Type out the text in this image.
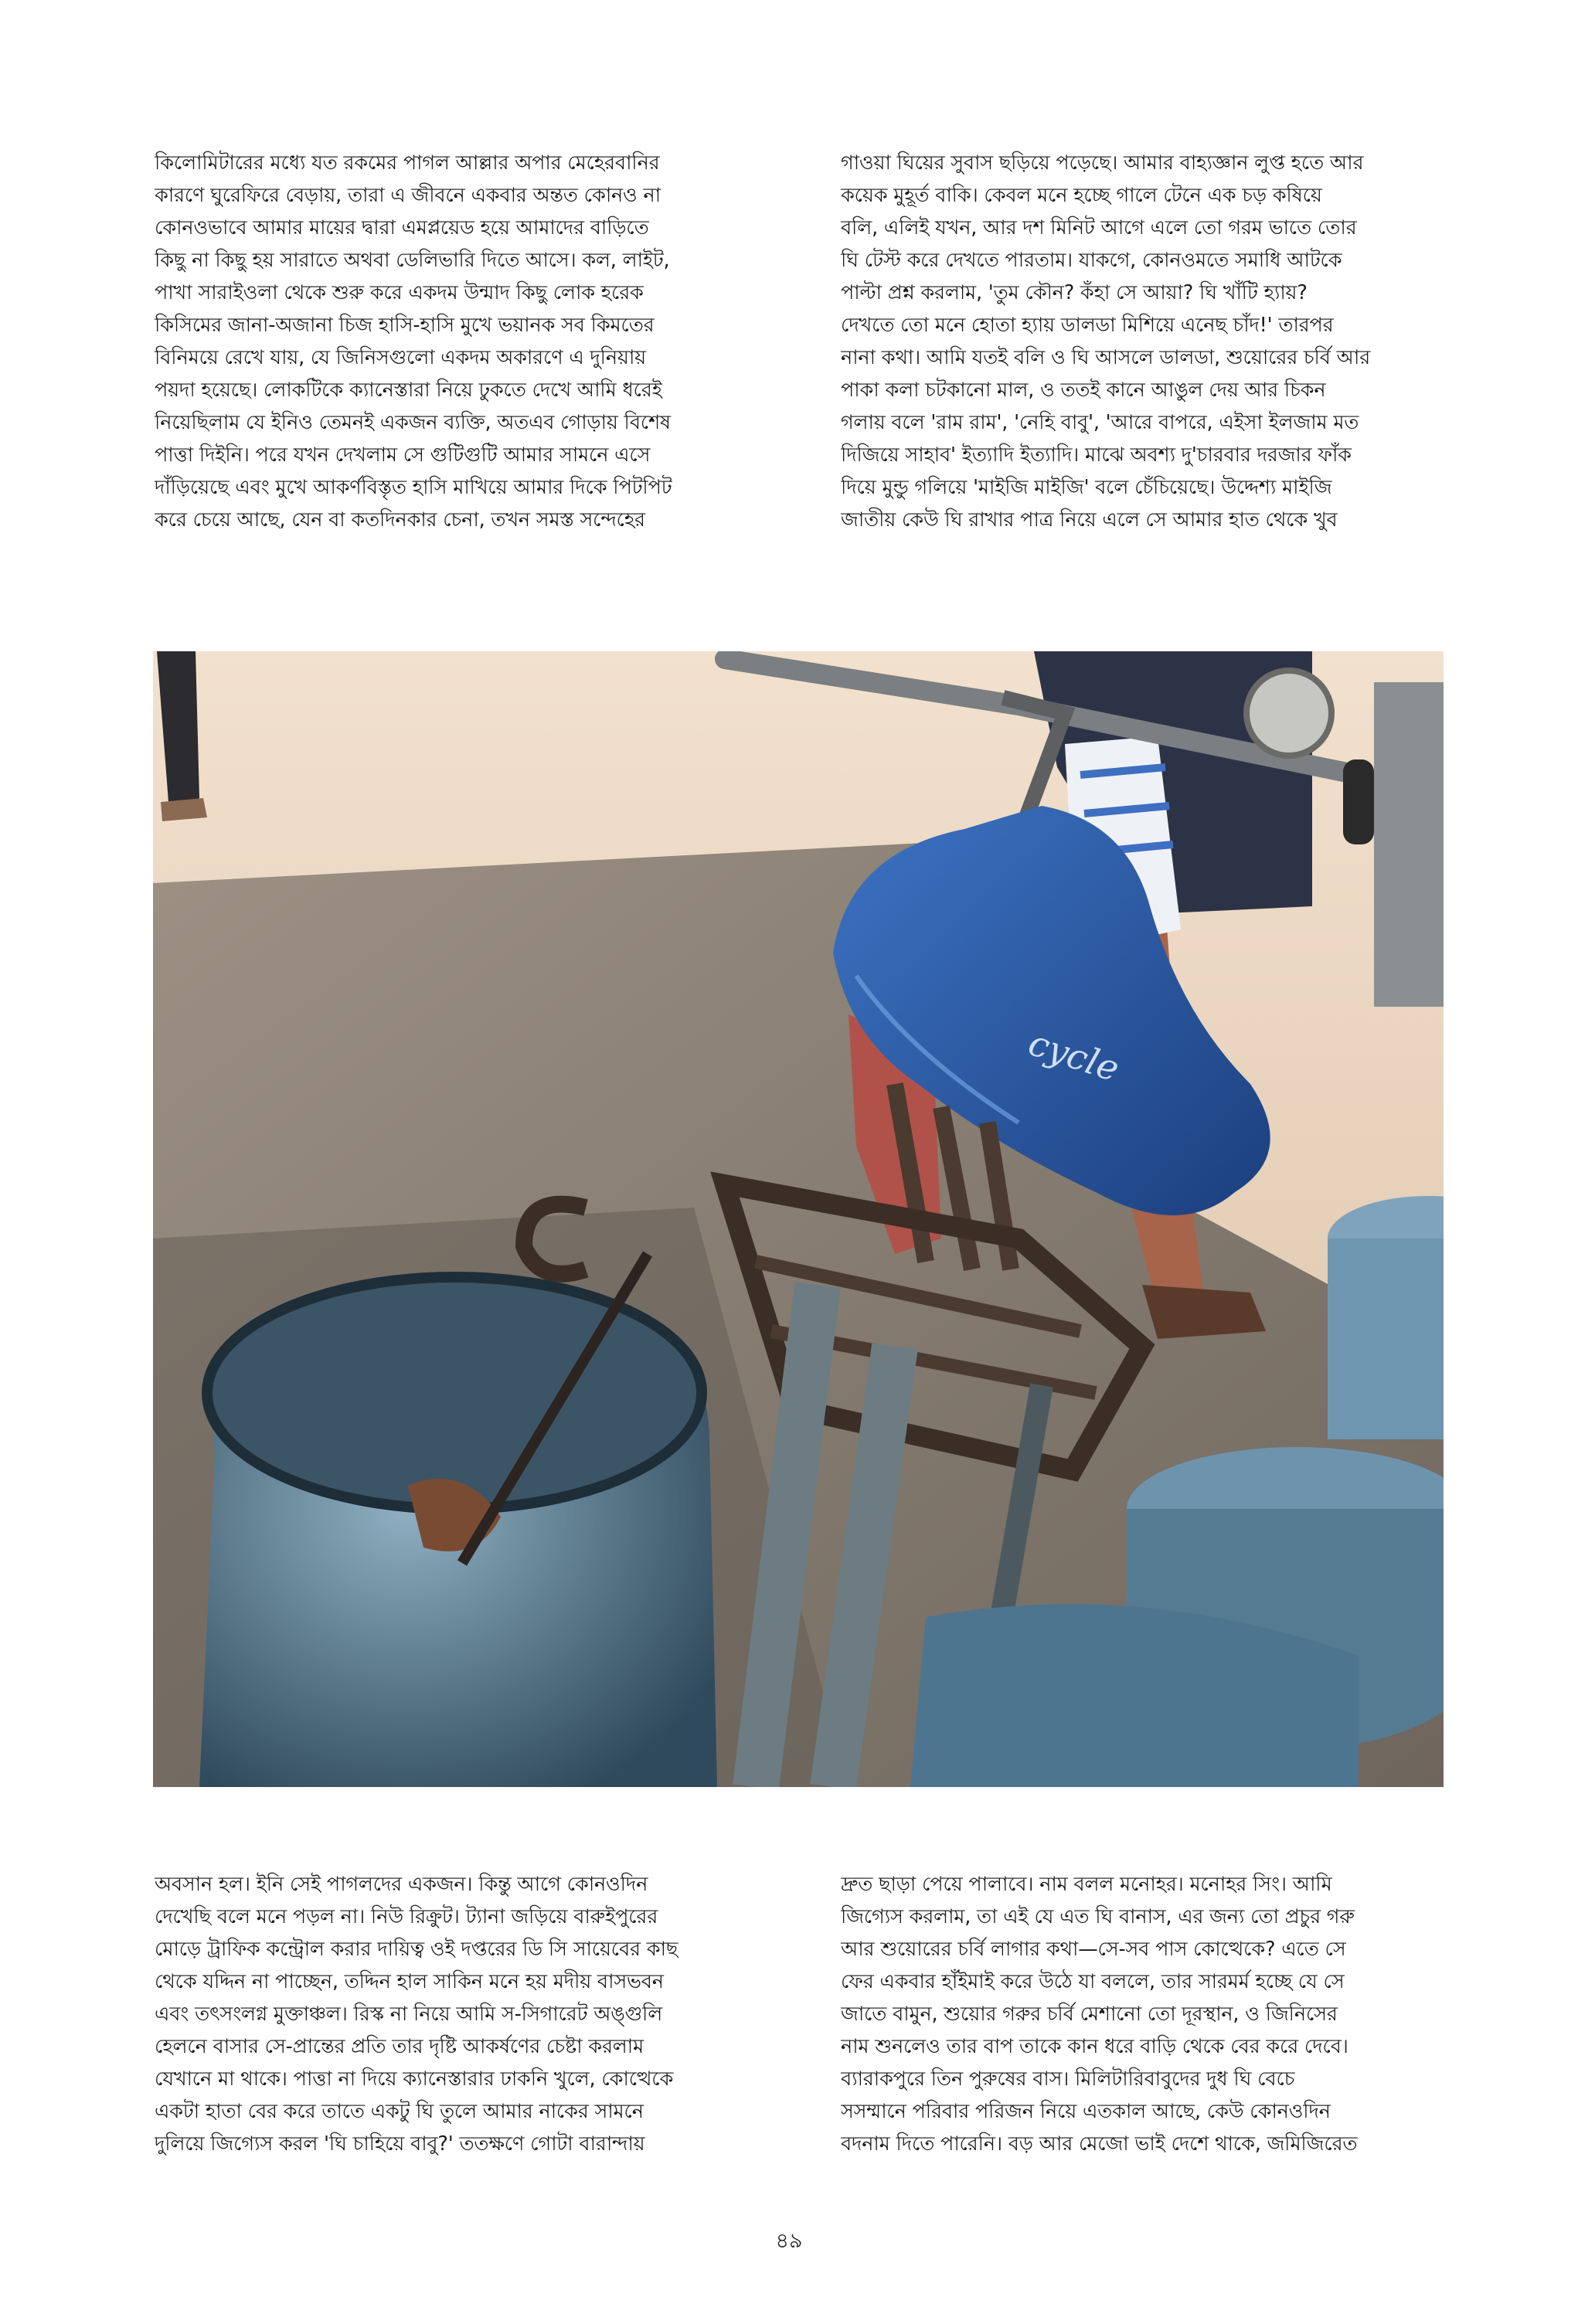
কিলোমিটারের মধ্যে যত রকমের পাগল আল্লার অপার মেহেরবানির
কারণে ঘুরেফিরে বেড়ায়, তারা এ জীবনে একবার অন্তত কোনও না
কোনওভাবে আমার মায়ের দ্বারা এমপ্লয়েড হয়ে আমাদের বাড়িতে
কিছু না কিছু হয় সারাতে অথবা ডেলিভারি দিতে আসে। কল, লাইট,
পাখা সারাইওলা থেকে শুরু করে একদম উন্মাদ কিছু লোক হরেক
কিসিমের জানা-অজানা চিজ হাসি-হাসি মুখে ভয়ানক সব কিমতের
বিনিময়ে রেখে যায়, যে জিনিসগুলো একদম অকারণে এ দুনিয়ায়
পয়দা হয়েছে। লোকটিকে ক্যানেস্তারা নিয়ে ঢুকতে দেখে আমি ধরেই
নিয়েছিলাম যে ইনিও তেমনই একজন ব্যক্তি, অতএব গোড়ায় বিশেষ
পাত্তা দিইনি। পরে যখন দেখলাম সে গুটিগুটি আমার সামনে এসে
দাঁড়িয়েছে এবং মুখে আকর্ণবিস্তৃত হাসি মাখিয়ে আমার দিকে পিটপিট
করে চেয়ে আছে, যেন বা কতদিনকার চেনা, তখন সমস্ত সন্দেহের
গাওয়া ঘিয়ের সুবাস ছড়িয়ে পড়েছে। আমার বাহ্যজ্ঞান লুপ্ত হতে আর
কয়েক মুহূর্ত বাকি। কেবল মনে হচ্ছে গালে টেনে এক চড় কষিয়ে
বলি, এলিই যখন, আর দশ মিনিট আগে এলে তো গরম ভাতে তোর
ঘি টেস্ট করে দেখতে পারতাম। যাকগে, কোনওমতে সমাধি আটকে
পাল্টা প্রশ্ন করলাম, 'তুম কৌন? কঁহা সে আয়া? ঘি খাঁটি হ্যায়?
দেখতে তো মনে হোতা হ্যায় ডালডা মিশিয়ে এনেছ চাঁদ!' তারপর
নানা কথা। আমি যতই বলি ও ঘি আসলে ডালডা, শুয়োরের চর্বি আর
পাকা কলা চটকানো মাল, ও ততই কানে আঙুল দেয় আর চিকন
গলায় বলে 'রাম রাম', 'নেহি বাবু', 'আরে বাপরে, এইসা ইলজাম মত
দিজিয়ে সাহাব' ইত্যাদি ইত্যাদি। মাঝে অবশ্য দু'চারবার দরজার ফাঁক
দিয়ে মুন্ডু গলিয়ে 'মাইজি মাইজি' বলে চেঁচিয়েছে। উদ্দেশ্য মাইজি
জাতীয় কেউ ঘি রাখার পাত্র নিয়ে এলে সে আমার হাত থেকে খুব
cycle
অবসান হল। ইনি সেই পাগলদের একজন। কিন্তু আগে কোনওদিন
দেখেছি বলে মনে পড়ল না। নিউ রিক্রুট। ট্যানা জড়িয়ে বারুইপুরের
মোড়ে ট্রাফিক কন্ট্রোল করার দায়িত্ব ওই দপ্তরের ডি সি সায়েবের কাছ
থেকে যদ্দিন না পাচ্ছেন, তদ্দিন হাল সাকিন মনে হয় মদীয় বাসভবন
এবং তৎসংলগ্ন মুক্তাঞ্চল। রিস্ক না নিয়ে আমি স-সিগারেট অঙ্গুলি
হেলনে বাসার সে-প্রান্তের প্রতি তার দৃষ্টি আকর্ষণের চেষ্টা করলাম
যেখানে মা থাকে। পাত্তা না দিয়ে ক্যানেস্তারার ঢাকনি খুলে, কোত্থেকে
একটা হাতা বের করে তাতে একটু ঘি তুলে আমার নাকের সামনে
দুলিয়ে জিগ্যেস করল 'ঘি চাহিয়ে বাবু?' ততক্ষণে গোটা বারান্দায়
দ্রুত ছাড়া পেয়ে পালাবে। নাম বলল মনোহর। মনোহর সিং। আমি
জিগ্যেস করলাম, তা এই যে এত ঘি বানাস, এর জন্য তো প্রচুর গরু
আর শুয়োরের চর্বি লাগার কথা—সে-সব পাস কোত্থেকে? এতে সে
ফের একবার হাঁইমাই করে উঠে যা বললে, তার সারমর্ম হচ্ছে যে সে
জাতে বামুন, শুয়োর গরুর চর্বি মেশানো তো দূরস্থান, ও জিনিসের
নাম শুনলেও তার বাপ তাকে কান ধরে বাড়ি থেকে বের করে দেবে।
ব্যারাকপুরে তিন পুরুষের বাস। মিলিটারিবাবুদের দুধ ঘি বেচে
সসম্মানে পরিবার পরিজন নিয়ে এতকাল আছে, কেউ কোনওদিন
বদনাম দিতে পারেনি। বড় আর মেজো ভাই দেশে থাকে, জমিজিরেত
৪৯
